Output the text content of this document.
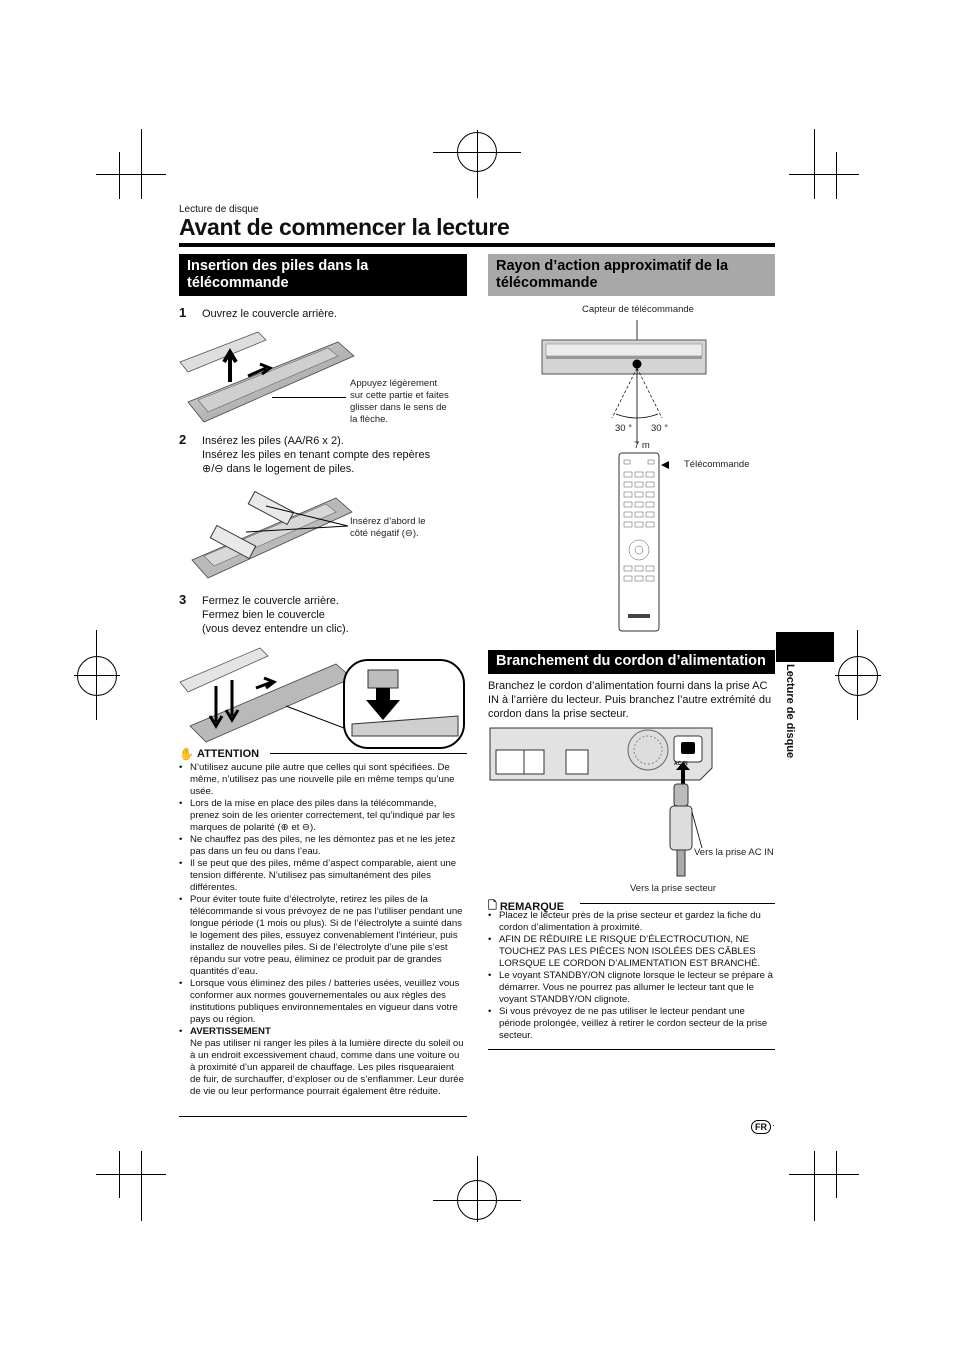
Lecture de disque
Avant de commencer la lecture
Lecture de disque
Insertion des piles dans la télécommande
1 Ouvrez le couvercle arrière.
Appuyez légèrement
sur cette partie et faites
glisser dans le sens de
la flèche.
2 Insérez les piles (AA/R6 x 2).
Insérez les piles en tenant compte des repères
⊕/⊖ dans le logement de piles.
Insérez d’abord le
côté négatif (⊖).
3 Fermez le couvercle arrière.
Fermez bien le couvercle
(vous devez entendre un clic).
✋ ATTENTION
• N’utilisez aucune pile autre que celles qui sont spécifiées. De même, n’utilisez pas une nouvelle pile en même temps qu’une usée.
• Lors de la mise en place des piles dans la télécommande, prenez soin de les orienter correctement, tel qu’indiqué par les marques de polarité (⊕ et ⊖).
• Ne chauffez pas des piles, ne les démontez pas et ne les jetez pas dans un feu ou dans l’eau.
• Il se peut que des piles, même d’aspect comparable, aient une tension différente. N’utilisez pas simultanément des piles différentes.
• Pour éviter toute fuite d’électrolyte, retirez les piles de la télécommande si vous prévoyez de ne pas l’utiliser pendant une longue période (1 mois ou plus). Si de l’électrolyte a suinté dans le logement des piles, essuyez convenablement l’intérieur, puis installez de nouvelles piles. Si de l’électrolyte d’une pile s’est répandu sur votre peau, éliminez ce produit par de grandes quantités d’eau.
• Lorsque vous éliminez des piles / batteries usées, veuillez vous conformer aux normes gouvernementales ou aux règles des institutions publiques environnementales en vigueur dans votre pays ou région.
• AVERTISSEMENT
Ne pas utiliser ni ranger les piles à la lumière directe du soleil ou à un endroit excessivement chaud, comme dans une voiture ou à proximité d’un appareil de chauffage. Les piles risquearaient de fuir, de surchauffer, d’exploser ou de s’enflammer. Leur durée de vie ou leur performance pourrait également être réduite.
Rayon d’action approximatif de la télécommande
Capteur de télécommande
30 ° 30 °
7 m
Télécommande
Branchement du cordon d’alimentation
Branchez le cordon d’alimentation fourni dans la prise AC IN à l’arrière du lecteur. Puis branchez l’autre extrémité du cordon dans la prise secteur.
AC IN
Vers la prise AC IN
Vers la prise secteur
🗋 REMARQUE
• Placez le lecteur près de la prise secteur et gardez la fiche du cordon d’alimentation à proximité.
• AFIN DE RÉDUIRE LE RISQUE D’ÉLECTROCUTION, NE TOUCHEZ PAS LES PIÈCES NON ISOLÉES DES CÂBLES LORSQUE LE CORDON D’ALIMENTATION EST BRANCHÉ.
• Le voyant STANDBY/ON clignote lorsque le lecteur se prépare à démarrer. Vous ne pourrez pas allumer le lecteur tant que le voyant STANDBY/ON clignote.
• Si vous prévoyez de ne pas utiliser le lecteur pendant une période prolongée, veillez à retirer le cordon secteur de la prise secteur.
FR ·
